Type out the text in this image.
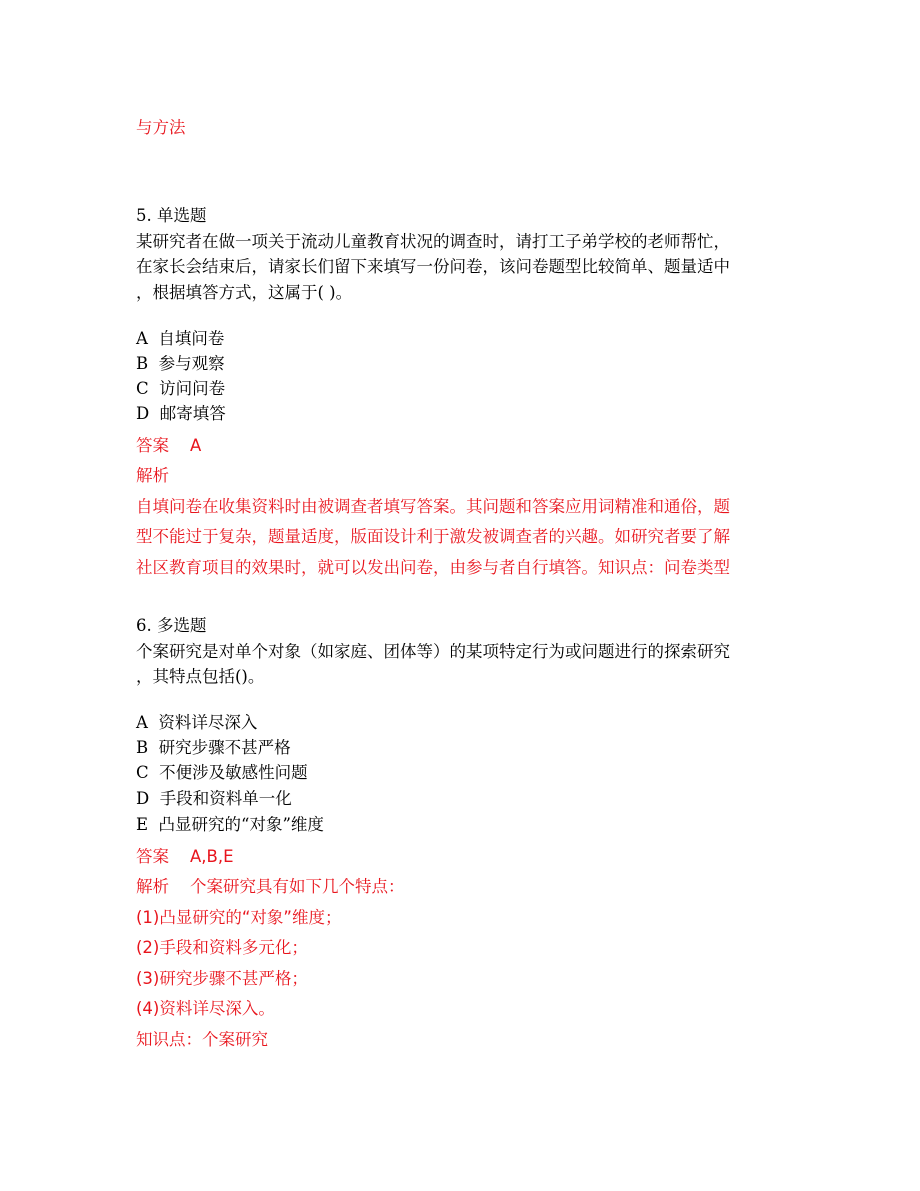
与方法
5. 单选题
某研究者在做一项关于流动儿童教育状况的调查时，请打工子弟学校的老师帮忙，
在家长会结束后，请家长们留下来填写一份问卷，该问卷题型比较简单、题量适中
，根据填答方式，这属于( )。
A 自填问卷
B 参与观察
C 访问问卷
D 邮寄填答
答案 A
解析
自填问卷在收集资料时由被调查者填写答案。其问题和答案应用词精准和通俗，题
型不能过于复杂，题量适度，版面设计利于激发被调查者的兴趣。如研究者要了解
社区教育项目的效果时，就可以发出问卷，由参与者自行填答。知识点：问卷类型
6. 多选题
个案研究是对单个对象（如家庭、团体等）的某项特定行为或问题进行的探索研究
，其特点包括()。
A 资料详尽深入
B 研究步骤不甚严格
C 不便涉及敏感性问题
D 手段和资料单一化
E 凸显研究的“对象”维度
答案 A,B,E
解析 个案研究具有如下几个特点：
(1)凸显研究的“对象”维度；
(2)手段和资料多元化；
(3)研究步骤不甚严格；
(4)资料详尽深入。
知识点：个案研究
